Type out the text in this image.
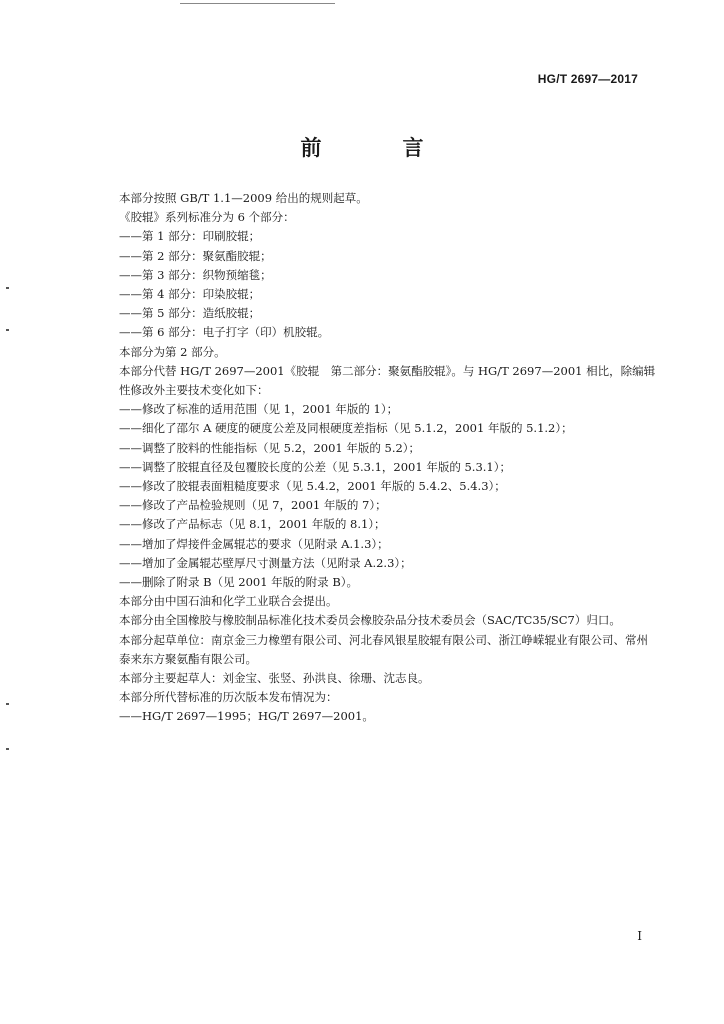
HG/T 2697—2017
前　言

本部分按照 GB/T 1.1—2009 给出的规则起草。

《胶辊》系列标准分为 6 个部分：

——第 1 部分：印刷胶辊；

——第 2 部分：聚氨酯胶辊；

——第 3 部分：织物预缩毯；

——第 4 部分：印染胶辊；

——第 5 部分：造纸胶辊；

——第 6 部分：电子打字（印）机胶辊。

本部分为第 2 部分。

本部分代替 HG/T 2697—2001《胶辊　第二部分：聚氨酯胶辊》。与 HG/T 2697—2001 相比，除编辑性修改外主要技术变化如下：

——修改了标准的适用范围（见 1，2001 年版的 1）；

——细化了邵尔 A 硬度的硬度公差及同根硬度差指标（见 5.1.2，2001 年版的 5.1.2）；

——调整了胶料的性能指标（见 5.2，2001 年版的 5.2）；

——调整了胶辊直径及包覆胶长度的公差（见 5.3.1，2001 年版的 5.3.1）；

——修改了胶辊表面粗糙度要求（见 5.4.2，2001 年版的 5.4.2、5.4.3）；

——修改了产品检验规则（见 7，2001 年版的 7）；

——修改了产品标志（见 8.1，2001 年版的 8.1）；

——增加了焊接件金属辊芯的要求（见附录 A.1.3）；

——增加了金属辊芯壁厚尺寸测量方法（见附录 A.2.3）；

——删除了附录 B（见 2001 年版的附录 B）。

本部分由中国石油和化学工业联合会提出。

本部分由全国橡胶与橡胶制品标准化技术委员会橡胶杂品分技术委员会（SAC/TC35/SC7）归口。

本部分起草单位：南京金三力橡塑有限公司、河北春风银星胶辊有限公司、浙江峥嵘辊业有限公司、常州泰来东方聚氨酯有限公司。

本部分主要起草人：刘金宝、张竖、孙洪良、徐珊、沈志良。

本部分所代替标准的历次版本发布情况为：

——HG/T 2697—1995；HG/T 2697—2001。

I
